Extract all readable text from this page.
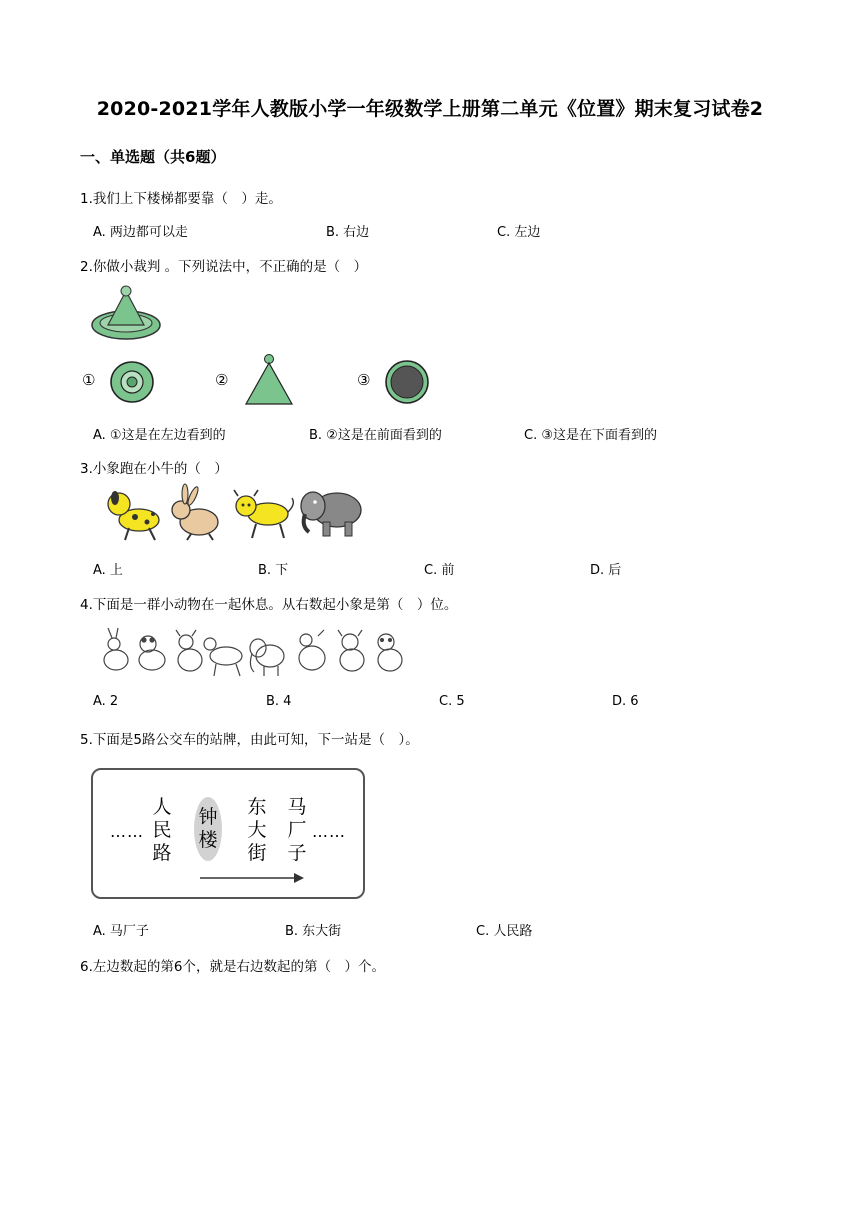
2020-2021学年人教版小学一年级数学上册第二单元《位置》期末复习试卷2
一、单选题（共6题）
1.我们上下楼梯都要靠（　）走。
A. 两边都可以走	B. 右边	C. 左边
2.你做小裁判 。下列说法中，不正确的是（　）
①	②	③
A. ①这是在左边看到的	B. ②这是在前面看到的	C. ③这是在下面看到的
3.小象跑在小牛的（　）
A. 上	B. 下	C. 前	D. 后
4.下面是一群小动物在一起休息。从右数起小象是第（　）位。
A. 2	B. 4	C. 5	D. 6
5.下面是5路公交车的站牌，由此可知，下一站是（　）。
……
人民路
钟楼
东大街
马厂子
……
A. 马厂子	B. 东大街	C. 人民路
6.左边数起的第6个，就是右边数起的第（　）个。
